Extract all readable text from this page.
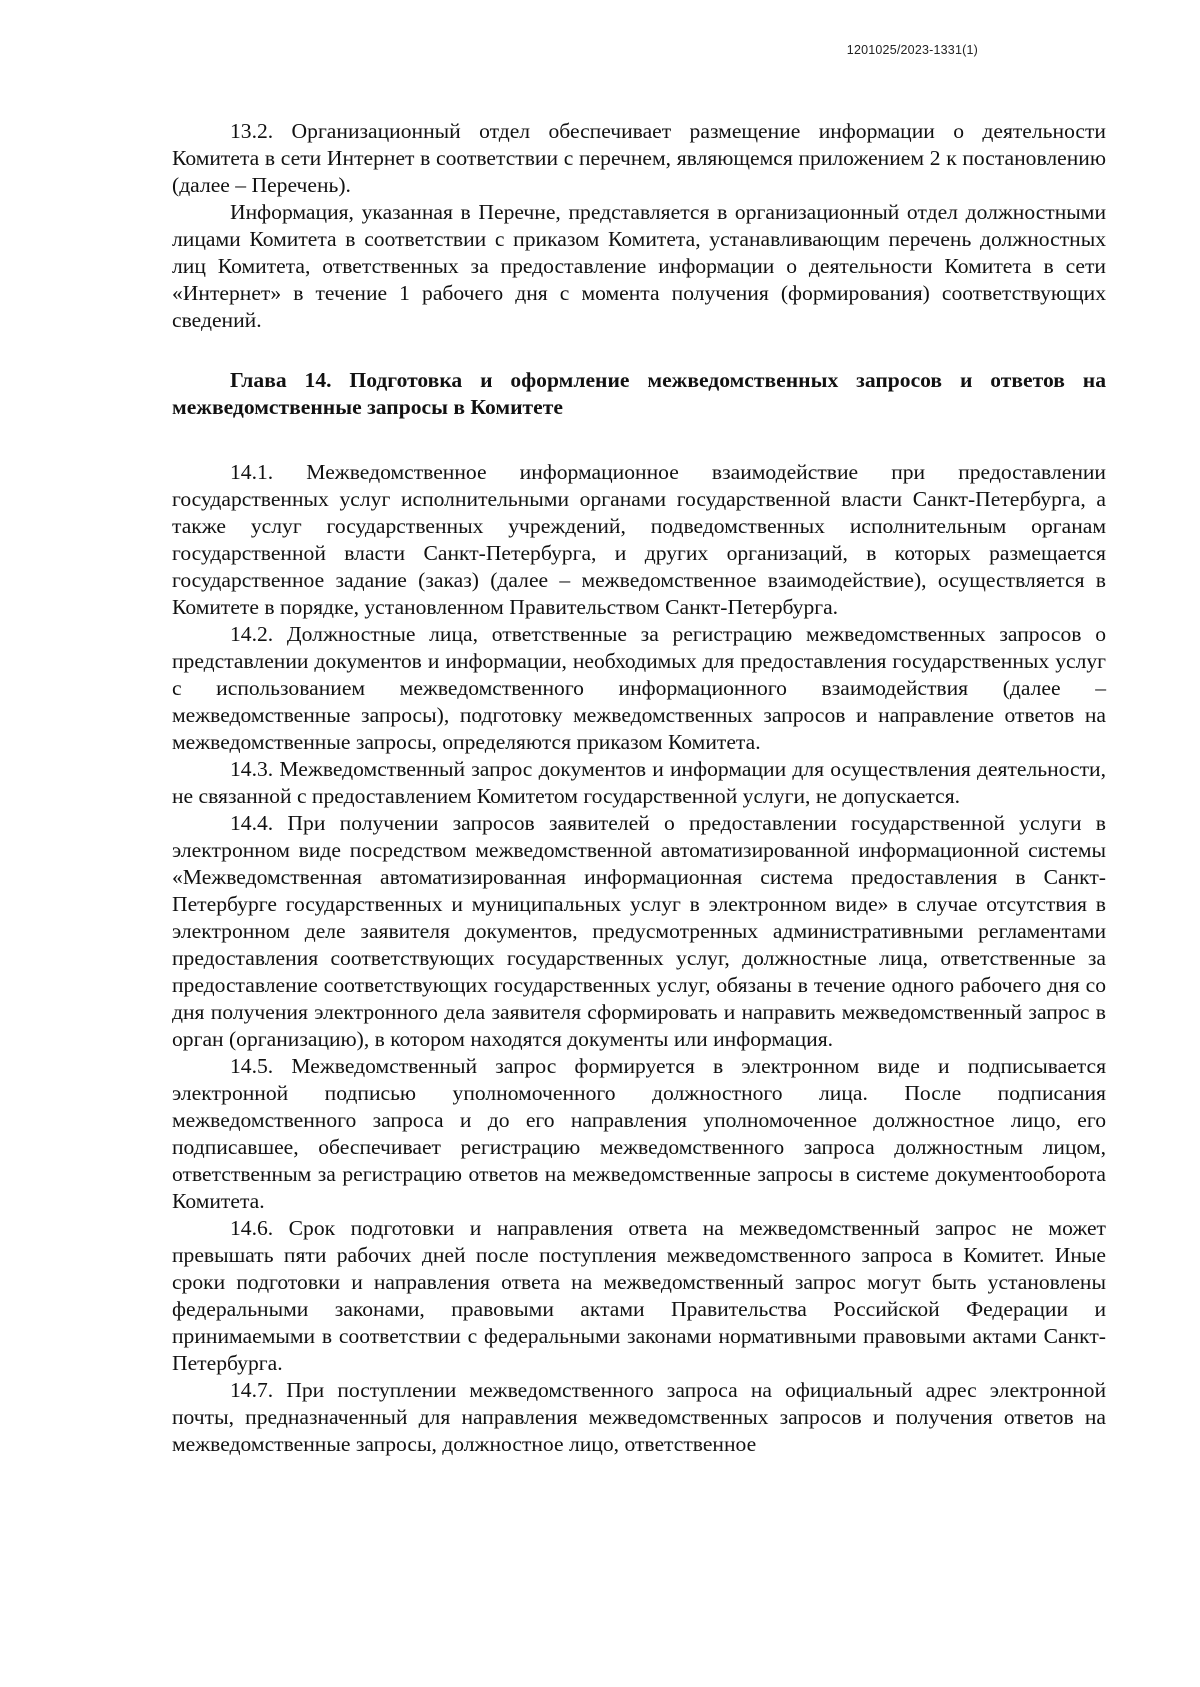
1201025/2023-1331(1)

13.2. Организационный отдел обеспечивает размещение информации о деятельности Комитета в сети Интернет в соответствии с перечнем, являющемся приложением 2 к постановлению (далее – Перечень).

Информация, указанная в Перечне, представляется в организационный отдел должностными лицами Комитета в соответствии с приказом Комитета, устанавливающим перечень должностных лиц Комитета, ответственных за предоставление информации о деятельности Комитета в сети «Интернет» в течение 1 рабочего дня с момента получения (формирования) соответствующих сведений.

Глава 14. Подготовка и оформление межведомственных запросов и ответов на межведомственные запросы в Комитете

14.1. Межведомственное информационное взаимодействие при предоставлении государственных услуг исполнительными органами государственной власти Санкт-Петербурга, а также услуг государственных учреждений, подведомственных исполнительным органам государственной власти Санкт-Петербурга, и других организаций, в которых размещается государственное задание (заказ) (далее – межведомственное взаимодействие), осуществляется в Комитете в порядке, установленном Правительством Санкт-Петербурга.

14.2. Должностные лица, ответственные за регистрацию межведомственных запросов о представлении документов и информации, необходимых для предоставления государственных услуг с использованием межведомственного информационного взаимодействия (далее – межведомственные запросы), подготовку межведомственных запросов и направление ответов на межведомственные запросы, определяются приказом Комитета.

14.3. Межведомственный запрос документов и информации для осуществления деятельности, не связанной с предоставлением Комитетом государственной услуги, не допускается.

14.4. При получении запросов заявителей о предоставлении государственной услуги в электронном виде посредством межведомственной автоматизированной информационной системы «Межведомственная автоматизированная информационная система предоставления в Санкт-Петербурге государственных и муниципальных услуг в электронном виде» в случае отсутствия в электронном деле заявителя документов, предусмотренных административными регламентами предоставления соответствующих государственных услуг, должностные лица, ответственные за предоставление соответствующих государственных услуг, обязаны в течение одного рабочего дня со дня получения электронного дела заявителя сформировать и направить межведомственный запрос в орган (организацию), в котором находятся документы или информация.

14.5. Межведомственный запрос формируется в электронном виде и подписывается электронной подписью уполномоченного должностного лица. После подписания межведомственного запроса и до его направления уполномоченное должностное лицо, его подписавшее, обеспечивает регистрацию межведомственного запроса должностным лицом, ответственным за регистрацию ответов на межведомственные запросы в системе документооборота Комитета.

14.6. Срок подготовки и направления ответа на межведомственный запрос не может превышать пяти рабочих дней после поступления межведомственного запроса в Комитет. Иные сроки подготовки и направления ответа на межведомственный запрос могут быть установлены федеральными законами, правовыми актами Правительства Российской Федерации и принимаемыми в соответствии с федеральными законами нормативными правовыми актами Санкт-Петербурга.

14.7. При поступлении межведомственного запроса на официальный адрес электронной почты, предназначенный для направления межведомственных запросов и получения ответов на межведомственные запросы, должностное лицо, ответственное
